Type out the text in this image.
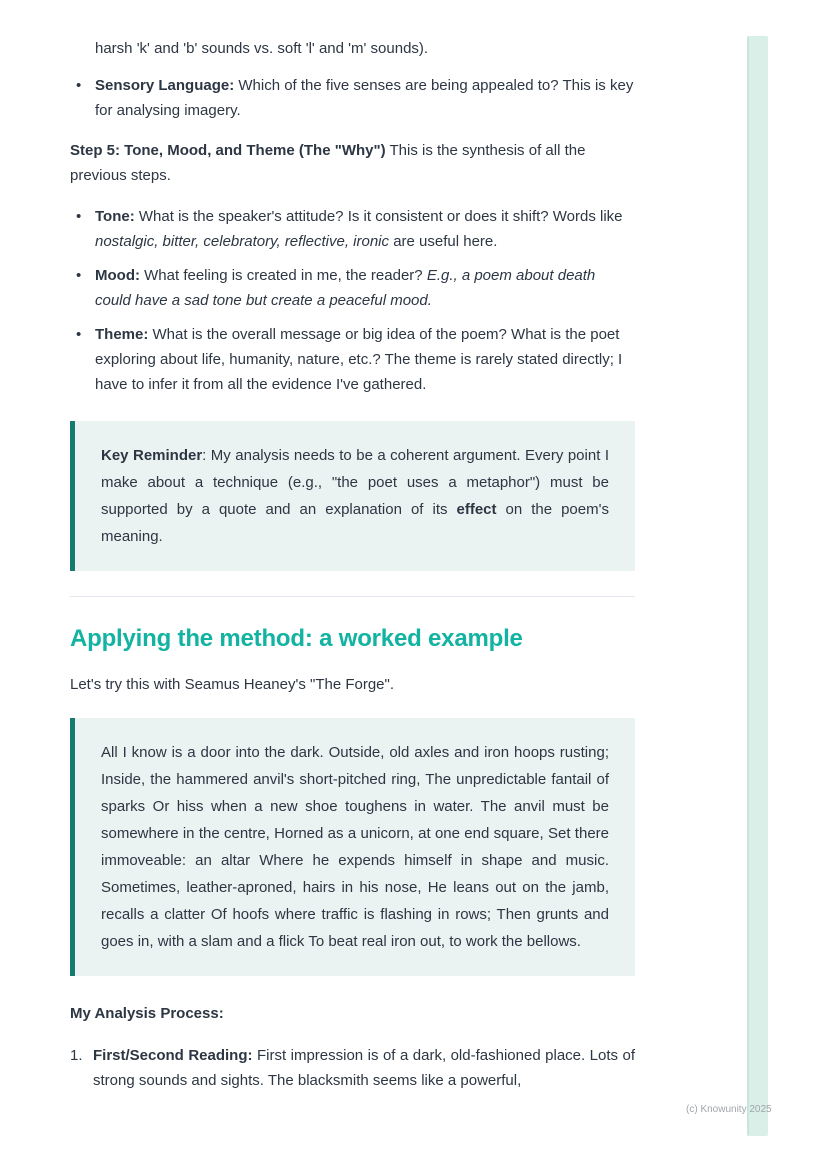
harsh 'k' and 'b' sounds vs. soft 'l' and 'm' sounds).

• Sensory Language: Which of the five senses are being appealed to? This is key for analysing imagery.

Step 5: Tone, Mood, and Theme (The "Why") This is the synthesis of all the previous steps.

• Tone: What is the speaker's attitude? Is it consistent or does it shift? Words like nostalgic, bitter, celebratory, reflective, ironic are useful here.
• Mood: What feeling is created in me, the reader? E.g., a poem about death could have a sad tone but create a peaceful mood.
• Theme: What is the overall message or big idea of the poem? What is the poet exploring about life, humanity, nature, etc.? The theme is rarely stated directly; I have to infer it from all the evidence I've gathered.
Key Reminder: My analysis needs to be a coherent argument. Every point I make about a technique (e.g., "the poet uses a metaphor") must be supported by a quote and an explanation of its effect on the poem's meaning.
Applying the method: a worked example

Let's try this with Seamus Heaney's "The Forge".

All I know is a door into the dark. Outside, old axles and iron hoops rusting; Inside, the hammered anvil's short-pitched ring, The unpredictable fantail of sparks Or hiss when a new shoe toughens in water. The anvil must be somewhere in the centre, Horned as a unicorn, at one end square, Set there immoveable: an altar Where he expends himself in shape and music. Sometimes, leather-aproned, hairs in his nose, He leans out on the jamb, recalls a clatter Of hoofs where traffic is flashing in rows; Then grunts and goes in, with a slam and a flick To beat real iron out, to work the bellows.

My Analysis Process:

1. First/Second Reading: First impression is of a dark, old-fashioned place. Lots of strong sounds and sights. The blacksmith seems like a powerful,
(c) Knowunity 2025
